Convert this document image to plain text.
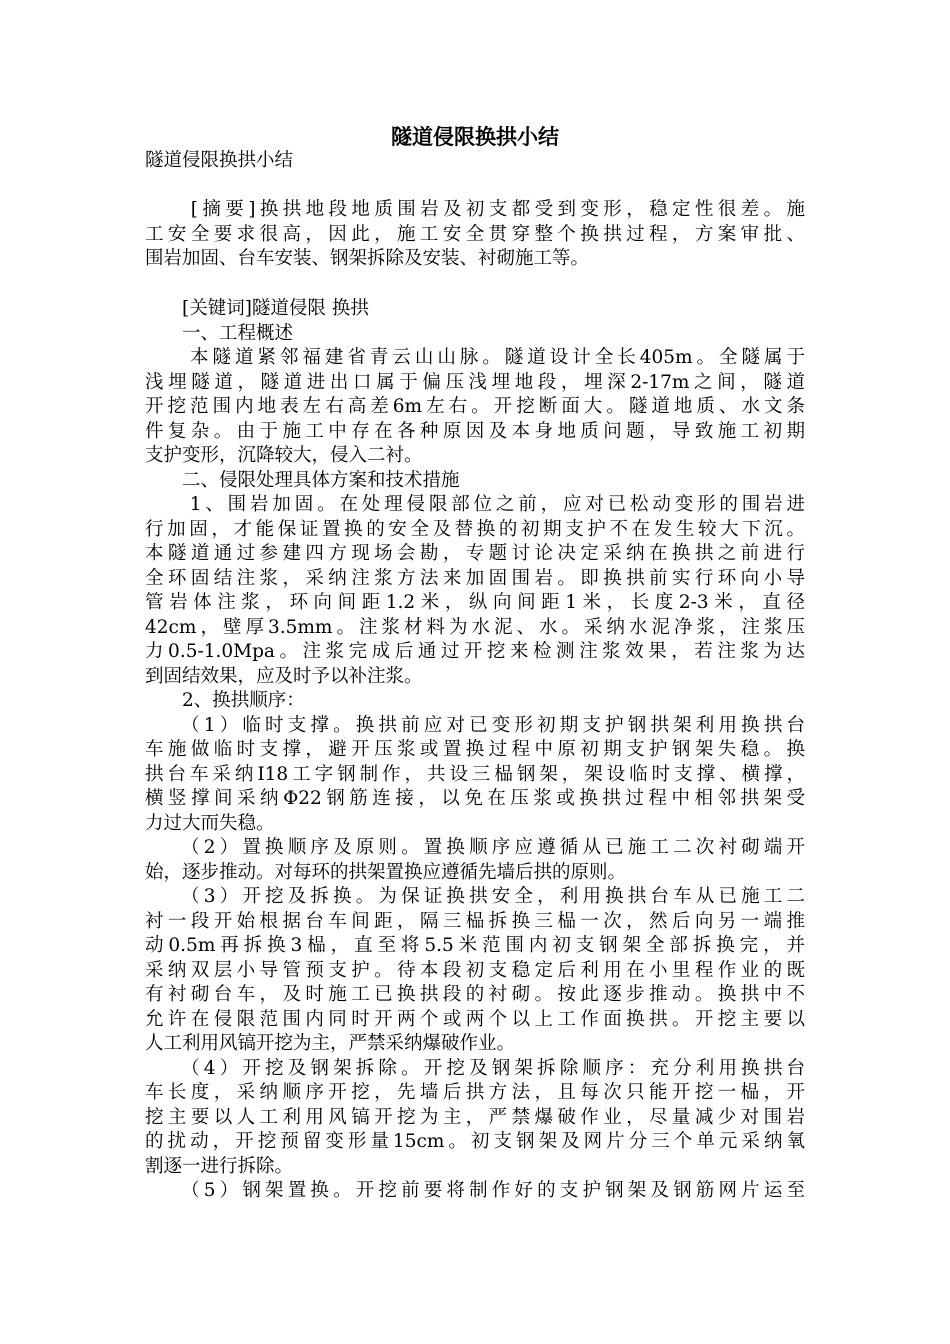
隧道侵限换拱小结
隧道侵限换拱小结
　　[摘要]换拱地段地质围岩及初支都受到变形，稳定性很差。施
工安全要求很高，因此，施工安全贯穿整个换拱过程，方案审批、
围岩加固、台车安装、钢架拆除及安装、衬砌施工等。
　　[关键词]隧道侵限 换拱
　　一、工程概述
　　本隧道紧邻福建省青云山山脉。隧道设计全长405m。全隧属于
浅埋隧道，隧道进出口属于偏压浅埋地段，埋深2-17m之间，隧道
开挖范围内地表左右高差6m左右。开挖断面大。隧道地质、水文条
件复杂。由于施工中存在各种原因及本身地质问题，导致施工初期
支护变形，沉降较大，侵入二衬。
　　二、侵限处理具体方案和技术措施
　　1、围岩加固。在处理侵限部位之前，应对已松动变形的围岩进
行加固，才能保证置换的安全及替换的初期支护不在发生较大下沉。
本隧道通过参建四方现场会勘，专题讨论决定采纳在换拱之前进行
全环固结注浆，采纳注浆方法来加固围岩。即换拱前实行环向小导
管岩体注浆，环向间距1.2米，纵向间距1米，长度2-3米，直径
42cm，壁厚3.5mm。注浆材料为水泥、水。采纳水泥净浆，注浆压
力0.5-1.0Mpa。注浆完成后通过开挖来检测注浆效果，若注浆为达
到固结效果，应及时予以补注浆。
　　2、换拱顺序：
　　（1）临时支撑。换拱前应对已变形初期支护钢拱架利用换拱台
车施做临时支撑，避开压浆或置换过程中原初期支护钢架失稳。换
拱台车采纳I18工字钢制作，共设三榀钢架，架设临时支撑、横撑，
横竖撑间采纳Φ22钢筋连接，以免在压浆或换拱过程中相邻拱架受
力过大而失稳。
　　（2）置换顺序及原则。置换顺序应遵循从已施工二次衬砌端开
始，逐步推动。对每环的拱架置换应遵循先墙后拱的原则。
　　（3）开挖及拆换。为保证换拱安全，利用换拱台车从已施工二
衬一段开始根据台车间距，隔三榀拆换三榀一次，然后向另一端推
动0.5m再拆换3榀，直至将5.5米范围内初支钢架全部拆换完，并
采纳双层小导管预支护。待本段初支稳定后利用在小里程作业的既
有衬砌台车，及时施工已换拱段的衬砌。按此逐步推动。换拱中不
允许在侵限范围内同时开两个或两个以上工作面换拱。开挖主要以
人工利用风镐开挖为主，严禁采纳爆破作业。
　　（4）开挖及钢架拆除。开挖及钢架拆除顺序：充分利用换拱台
车长度，采纳顺序开挖，先墙后拱方法，且每次只能开挖一榀，开
挖主要以人工利用风镐开挖为主，严禁爆破作业，尽量减少对围岩
的扰动，开挖预留变形量15cm。初支钢架及网片分三个单元采纳氧
割逐一进行拆除。
　　（5）钢架置换。开挖前要将制作好的支护钢架及钢筋网片运至
